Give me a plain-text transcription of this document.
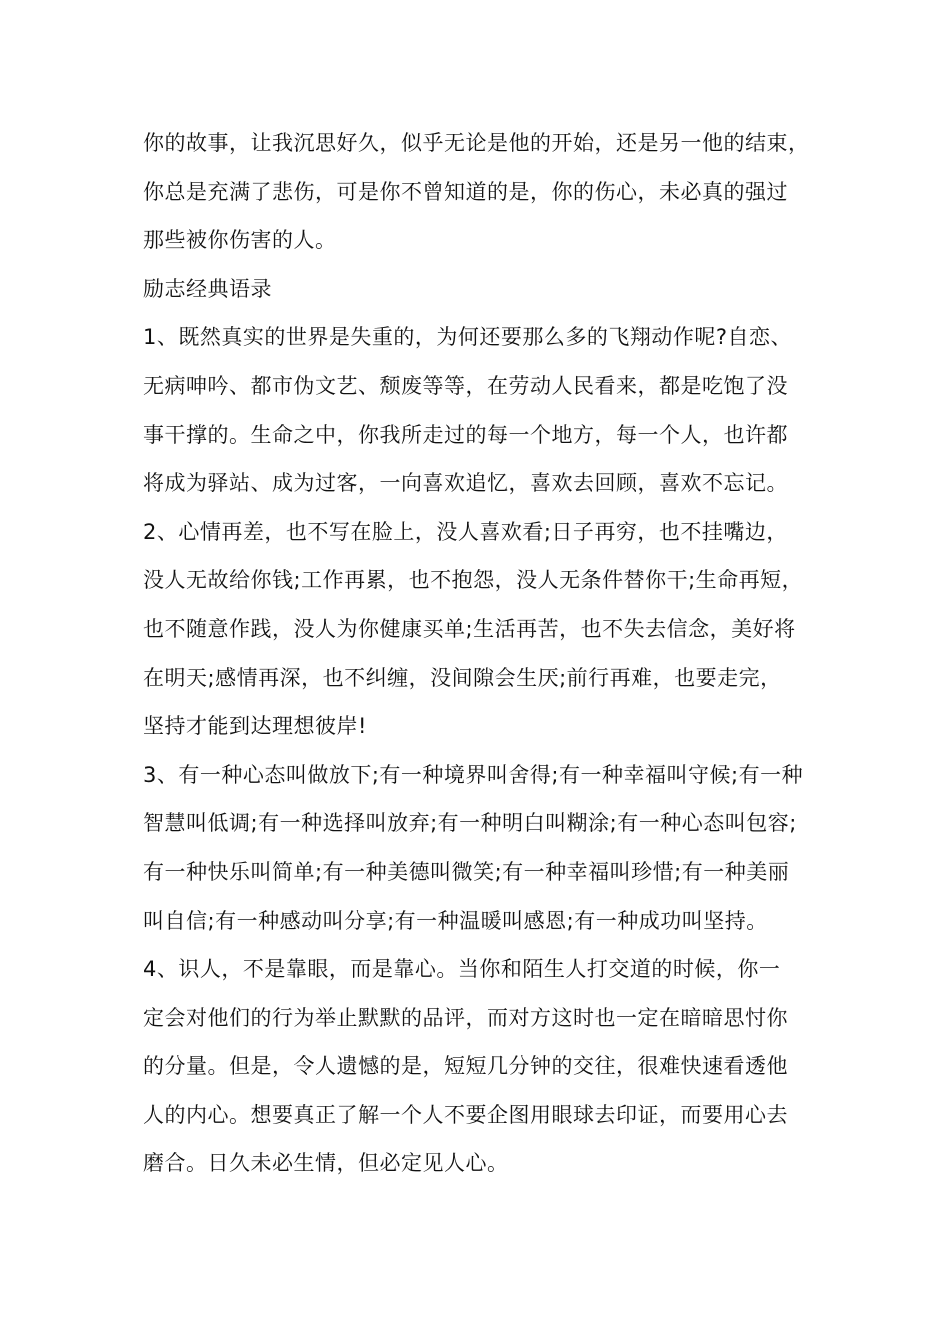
你的故事，让我沉思好久，似乎无论是他的开始，还是另一他的结束，
你总是充满了悲伤，可是你不曾知道的是，你的伤心，未必真的强过
那些被你伤害的人。
励志经典语录
1、既然真实的世界是失重的，为何还要那么多的飞翔动作呢?自恋、
无病呻吟、都市伪文艺、颓废等等，在劳动人民看来，都是吃饱了没
事干撑的。生命之中，你我所走过的每一个地方，每一个人，也许都
将成为驿站、成为过客，一向喜欢追忆，喜欢去回顾，喜欢不忘记。
2、心情再差，也不写在脸上，没人喜欢看;日子再穷，也不挂嘴边，
没人无故给你钱;工作再累，也不抱怨，没人无条件替你干;生命再短，
也不随意作践，没人为你健康买单;生活再苦，也不失去信念，美好将
在明天;感情再深，也不纠缠，没间隙会生厌;前行再难，也要走完，
坚持才能到达理想彼岸!
3、有一种心态叫做放下;有一种境界叫舍得;有一种幸福叫守候;有一种
智慧叫低调;有一种选择叫放弃;有一种明白叫糊涂;有一种心态叫包容;
有一种快乐叫简单;有一种美德叫微笑;有一种幸福叫珍惜;有一种美丽
叫自信;有一种感动叫分享;有一种温暖叫感恩;有一种成功叫坚持。
4、识人，不是靠眼，而是靠心。当你和陌生人打交道的时候，你一
定会对他们的行为举止默默的品评，而对方这时也一定在暗暗思忖你
的分量。但是，令人遗憾的是，短短几分钟的交往，很难快速看透他
人的内心。想要真正了解一个人不要企图用眼球去印证，而要用心去
磨合。日久未必生情，但必定见人心。
